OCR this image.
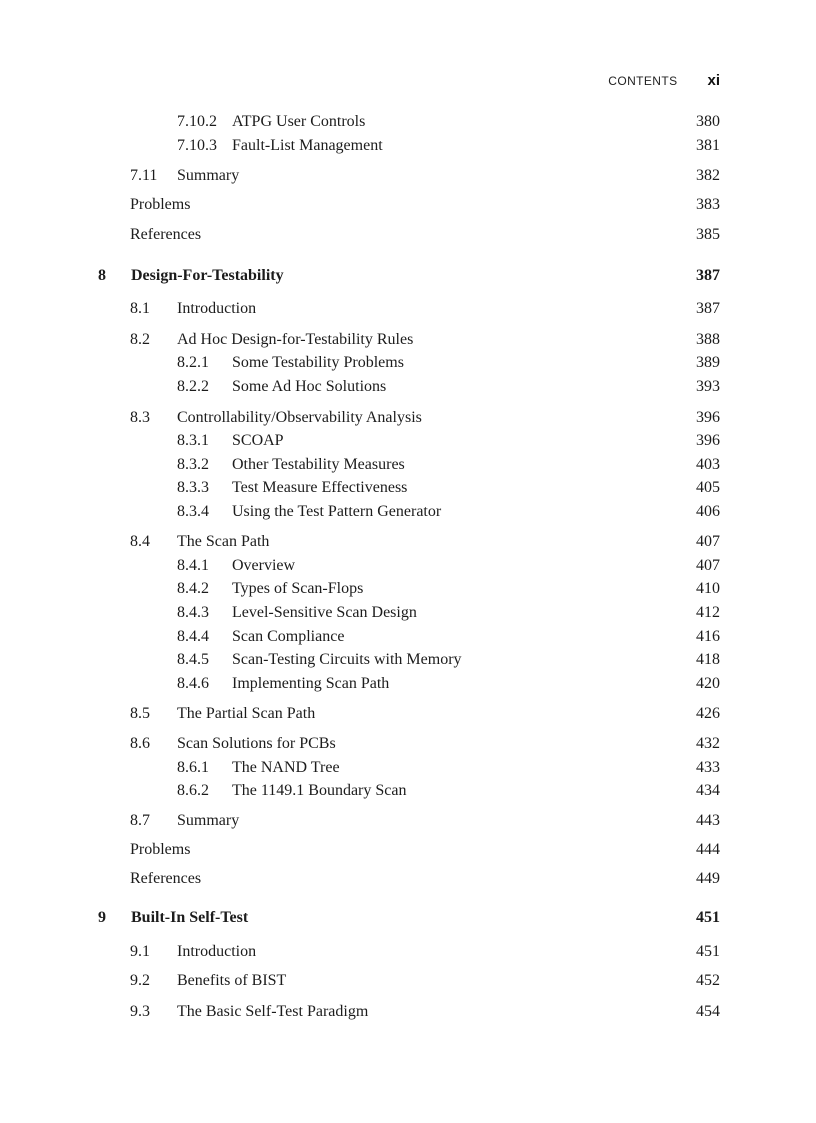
CONTENTS xi
7.10.2 ATPG User Controls	380
7.10.3 Fault-List Management	381
7.11 Summary	382
Problems	383
References	385
8 Design-For-Testability	387
8.1 Introduction	387
8.2 Ad Hoc Design-for-Testability Rules	388
8.2.1 Some Testability Problems	389
8.2.2 Some Ad Hoc Solutions	393
8.3 Controllability/Observability Analysis	396
8.3.1 SCOAP	396
8.3.2 Other Testability Measures	403
8.3.3 Test Measure Effectiveness	405
8.3.4 Using the Test Pattern Generator	406
8.4 The Scan Path	407
8.4.1 Overview	407
8.4.2 Types of Scan-Flops	410
8.4.3 Level-Sensitive Scan Design	412
8.4.4 Scan Compliance	416
8.4.5 Scan-Testing Circuits with Memory	418
8.4.6 Implementing Scan Path	420
8.5 The Partial Scan Path	426
8.6 Scan Solutions for PCBs	432
8.6.1 The NAND Tree	433
8.6.2 The 1149.1 Boundary Scan	434
8.7 Summary	443
Problems	444
References	449
9 Built-In Self-Test	451
9.1 Introduction	451
9.2 Benefits of BIST	452
9.3 The Basic Self-Test Paradigm	454
